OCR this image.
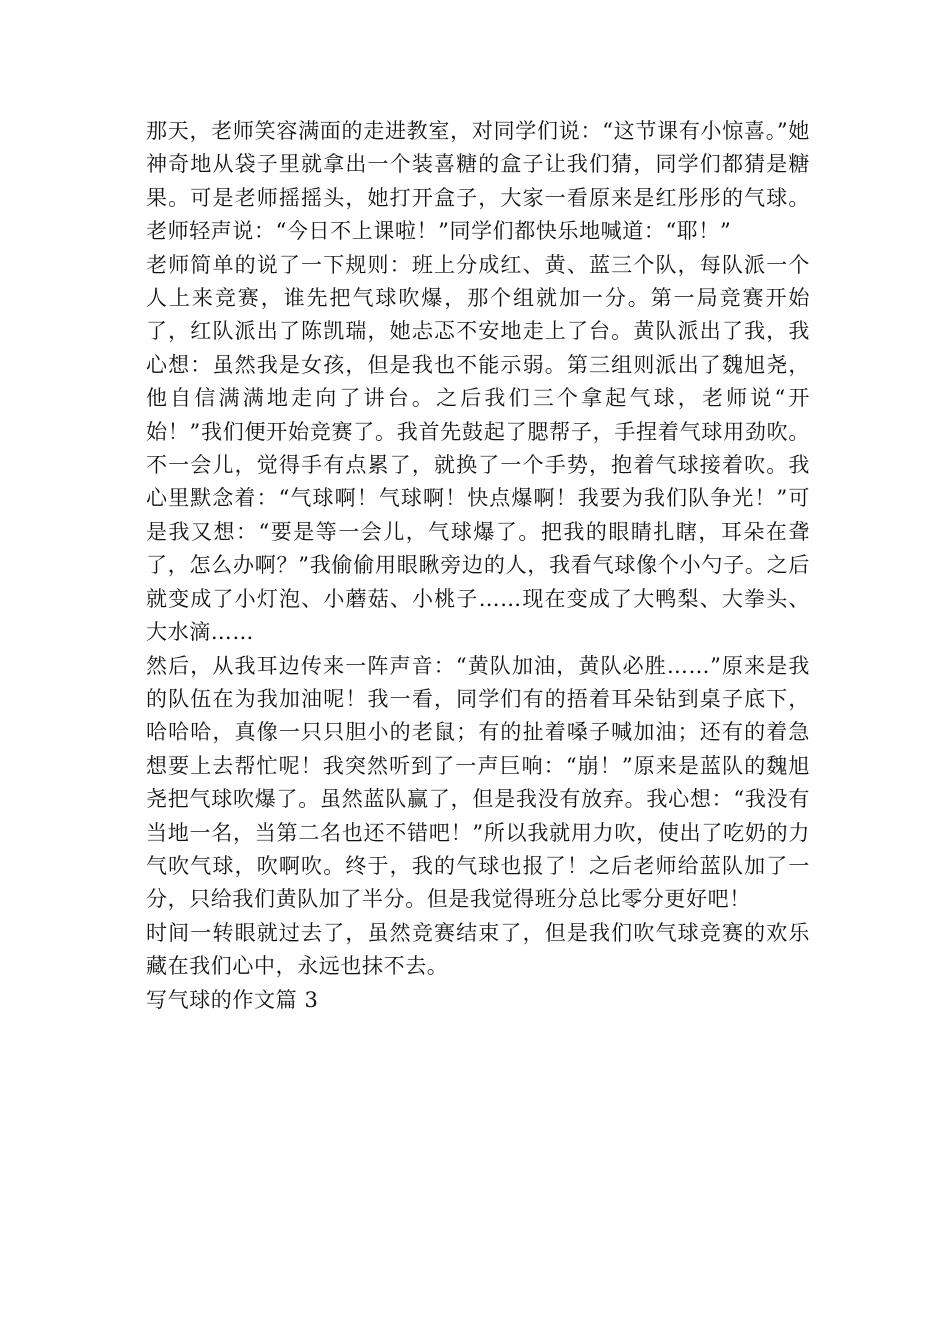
那天，老师笑容满面的走进教室，对同学们说：“这节课有小惊喜。”她神奇地从袋子里就拿出一个装喜糖的盒子让我们猜，同学们都猜是糖果。可是老师摇摇头，她打开盒子，大家一看原来是红彤彤的气球。老师轻声说：“今日不上课啦！”同学们都快乐地喊道：“耶！”

老师简单的说了一下规则：班上分成红、黄、蓝三个队，每队派一个人上来竞赛，谁先把气球吹爆，那个组就加一分。第一局竞赛开始了，红队派出了陈凯瑞，她忐忑不安地走上了台。黄队派出了我，我心想：虽然我是女孩，但是我也不能示弱。第三组则派出了魏旭尧，他自信满满地走向了讲台。之后我们三个拿起气球，老师说“开始！”我们便开始竞赛了。我首先鼓起了腮帮子，手捏着气球用劲吹。不一会儿，觉得手有点累了，就换了一个手势，抱着气球接着吹。我心里默念着：“气球啊！气球啊！快点爆啊！我要为我们队争光！”可是我又想：“要是等一会儿，气球爆了。把我的眼睛扎瞎，耳朵在聋了，怎么办啊？”我偷偷用眼瞅旁边的人，我看气球像个小勺子。之后就变成了小灯泡、小蘑菇、小桃子……现在变成了大鸭梨、大拳头、大水滴……

然后，从我耳边传来一阵声音：“黄队加油，黄队必胜……”原来是我的队伍在为我加油呢！我一看，同学们有的捂着耳朵钻到桌子底下，哈哈哈，真像一只只胆小的老鼠；有的扯着嗓子喊加油；还有的着急想要上去帮忙呢！我突然听到了一声巨响：“崩！”原来是蓝队的魏旭尧把气球吹爆了。虽然蓝队赢了，但是我没有放弃。我心想：“我没有当地一名，当第二名也还不错吧！”所以我就用力吹，使出了吃奶的力气吹气球，吹啊吹。终于，我的气球也报了！之后老师给蓝队加了一分，只给我们黄队加了半分。但是我觉得班分总比零分更好吧！

时间一转眼就过去了，虽然竞赛结束了，但是我们吹气球竞赛的欢乐藏在我们心中，永远也抹不去。

写气球的作文篇 3
